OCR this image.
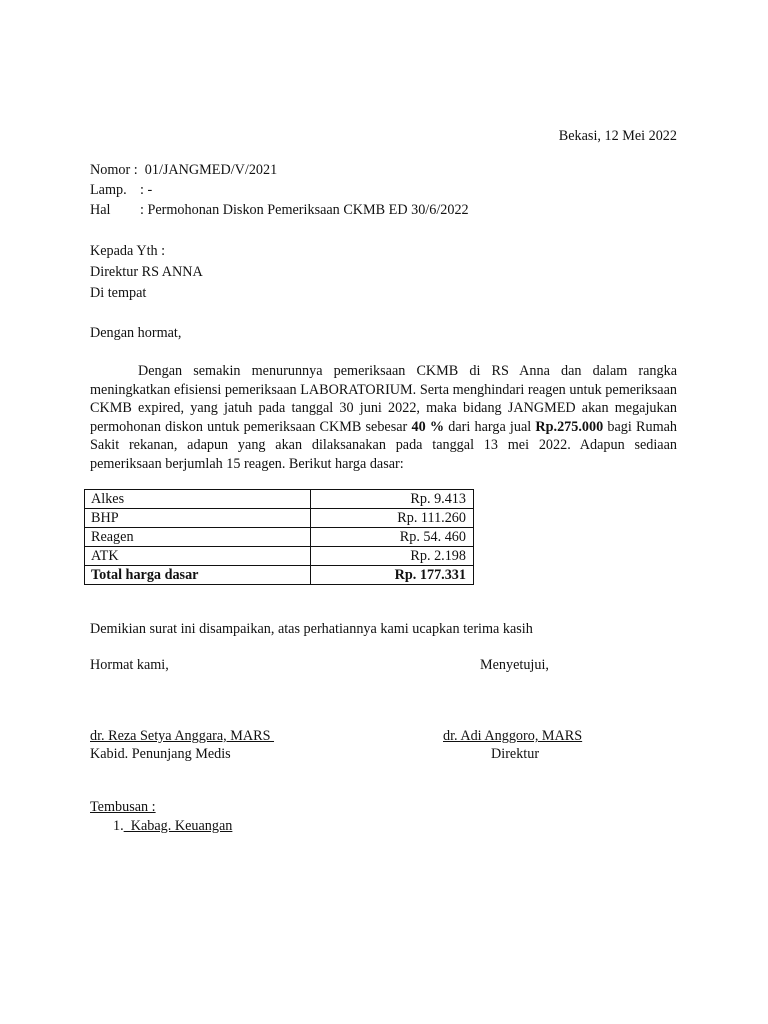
Bekasi, 12 Mei 2022
Nomor : 01/JANGMED/V/2021
Lamp. : -
Hal : Permohonan Diskon Pemeriksaan CKMB ED 30/6/2022
Kepada Yth :
Direktur RS ANNA
Di tempat
Dengan hormat,
Dengan semakin menurunnya pemeriksaan CKMB di RS Anna dan dalam rangka meningkatkan efisiensi pemeriksaan LABORATORIUM. Serta menghindari reagen untuk pemeriksaan CKMB expired, yang jatuh pada tanggal 30 juni 2022, maka bidang JANGMED akan megajukan permohonan diskon untuk pemeriksaan CKMB sebesar 40 % dari harga jual Rp.275.000 bagi Rumah Sakit rekanan, adapun yang akan dilaksanakan pada tanggal 13 mei 2022. Adapun sediaan pemeriksaan berjumlah 15 reagen. Berikut harga dasar:
Alkes	Rp. 9.413
BHP	Rp. 111.260
Reagen	Rp. 54. 460
ATK	Rp. 2.198
Total harga dasar	Rp. 177.331
Demikian surat ini disampaikan, atas perhatiannya kami ucapkan terima kasih
Hormat kami,	Menyetujui,
dr. Reza Setya Anggara, MARS	dr. Adi Anggoro, MARS
Kabid. Penunjang Medis	Direktur
Tembusan :
1.  Kabag. Keuangan
